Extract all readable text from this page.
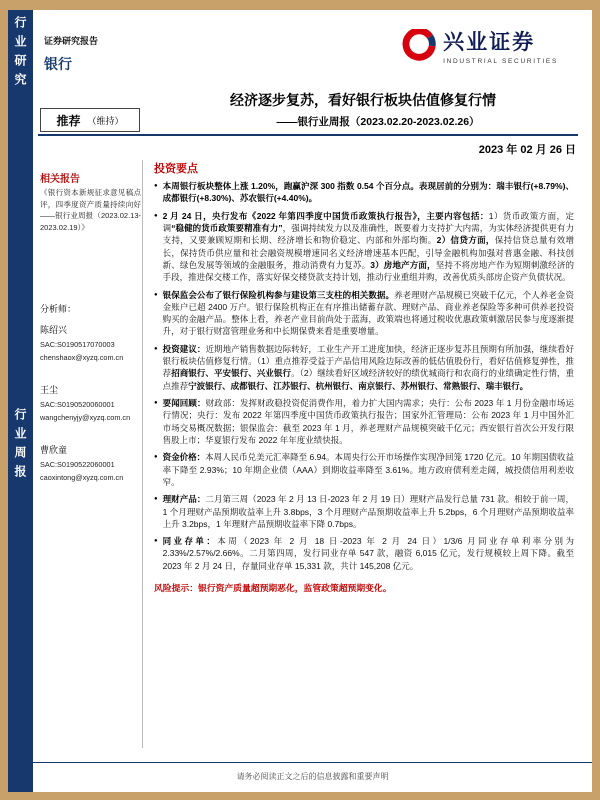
行业研究
行业周报
证券研究报告
银行
兴业证券
INDUSTRIAL SECURITIES
经济逐步复苏，看好银行板块估值修复行情
——银行业周报（2023.02.20-2023.02.26）
2023 年 02 月 26 日
推荐 （维持）
相关报告
《银行资本新规征求意见稿点评，四季度资产质量持续向好——银行业周报（2023.02.13-2023.02.19）》
分析师：
陈绍兴
SAC:S0190517070003
chenshaox@xyzq.com.cn
王尘
SAC:S0190520060001
wangchenyjy@xyzq.com.cn
曹欣童
SAC:S0190522060001
caoxintong@xyzq.com.cn
投资要点
● 本周银行板块整体上涨 1.20%，跑赢沪深 300 指数 0.54 个百分点。表现居前的分别为：瑞丰银行(+8.79%)、成都银行(+8.30%)、苏农银行(+4.40%)。
● 2 月 24 日，央行发布《2022 年第四季度中国货币政策执行报告》，主要内容包括：1）货币政策方面，定调“稳健的货币政策要精准有力”，强调持续发力以及准确性，既要着力支持扩大内需，为实体经济提供更有力支持，又要兼顾短期和长期、经济增长和物价稳定、内部和外部均衡。2）信贷方面，保持信贷总量有效增长，保持货币供应量和社会融资规模增速同名义经济增速基本匹配，引导金融机构加强对普惠金融、科技创新、绿色发展等领域的金融服务，推动消费有力复苏。3）房地产方面，坚持不将房地产作为短期刺激经济的手段，推进保交楼工作，落实好保交楼贷款支持计划，推动行业重组并购，改善优质头部房企资产负债状况。
● 银保监会公布了银行保险机构参与建设第三支柱的相关数据。养老理财产品规模已突破千亿元，个人养老金资金账户已超 2400 万户。银行保险机构正在有序推出储蓄存款、理财产品、商业养老保险等多种可供养老投资购买的金融产品。整体上看，养老产业目前尚处于蓝海，政策端也将通过税收优惠政策刺激居民参与度逐渐提升，对于银行财富管理业务和中长期保费来看是重要增量。
● 投资建议：近期地产销售数据边际转好，工业生产开工进度加快，经济正逐步复苏且预期有所加强，继续看好银行板块估值修复行情。（1）重点推荐受益于产品信用风险边际改善的低估值股份行，看好估值修复弹性，推荐招商银行、平安银行、兴业银行。（2）继续看好区域经济较好的绩优城商行和农商行的业绩确定性行情，重点推荐宁波银行、成都银行、江苏银行、杭州银行、南京银行、苏州银行、常熟银行、瑞丰银行。
● 要闻回顾：财政部：发挥财政稳投资促消费作用，着力扩大国内需求；央行：公布 2023 年 1 月份金融市场运行情况；央行：发布 2022 年第四季度中国货币政策执行报告；国家外汇管理局：公布 2023 年 1 月中国外汇市场交易概况数据；银保监会：截至 2023 年 1 月，养老理财产品规模突破千亿元；西安银行首次公开发行限售股上市；华夏银行发布 2022 年年度业绩快报。
● 资金价格：本周人民币兑美元汇率降至 6.94。本周央行公开市场操作实现净回笼 1720 亿元。10 年期国债收益率下降至 2.93%；10 年期企业债（AAA）到期收益率降至 3.61%。地方政府债利差走阔，城投债信用利差收窄。
● 理财产品：二月第三周（2023 年 2 月 13 日-2023 年 2 月 19 日）理财产品发行总量 731 款。相较于前一周，1 个月理财产品预期收益率上升 3.8bps，3 个月理财产品预期收益率上升 5.2bps，6 个月理财产品预期收益率上升 3.2bps，1 年理财产品预期收益率下降 0.7bps。
● 同业存单：本周（2023 年 2 月 18 日-2023 年 2 月 24 日）1/3/6 月同业存单利率分别为 2.33%/2.57%/2.66%。二月第四周，发行同业存单 547 款，融资 6,015 亿元，发行规模较上周下降。截至 2023 年 2 月 24 日，存量同业存单 15,331 款，共计 145,208 亿元。
风险提示：银行资产质量超预期恶化，监管政策超预期变化。
请务必阅读正文之后的信息披露和重要声明
